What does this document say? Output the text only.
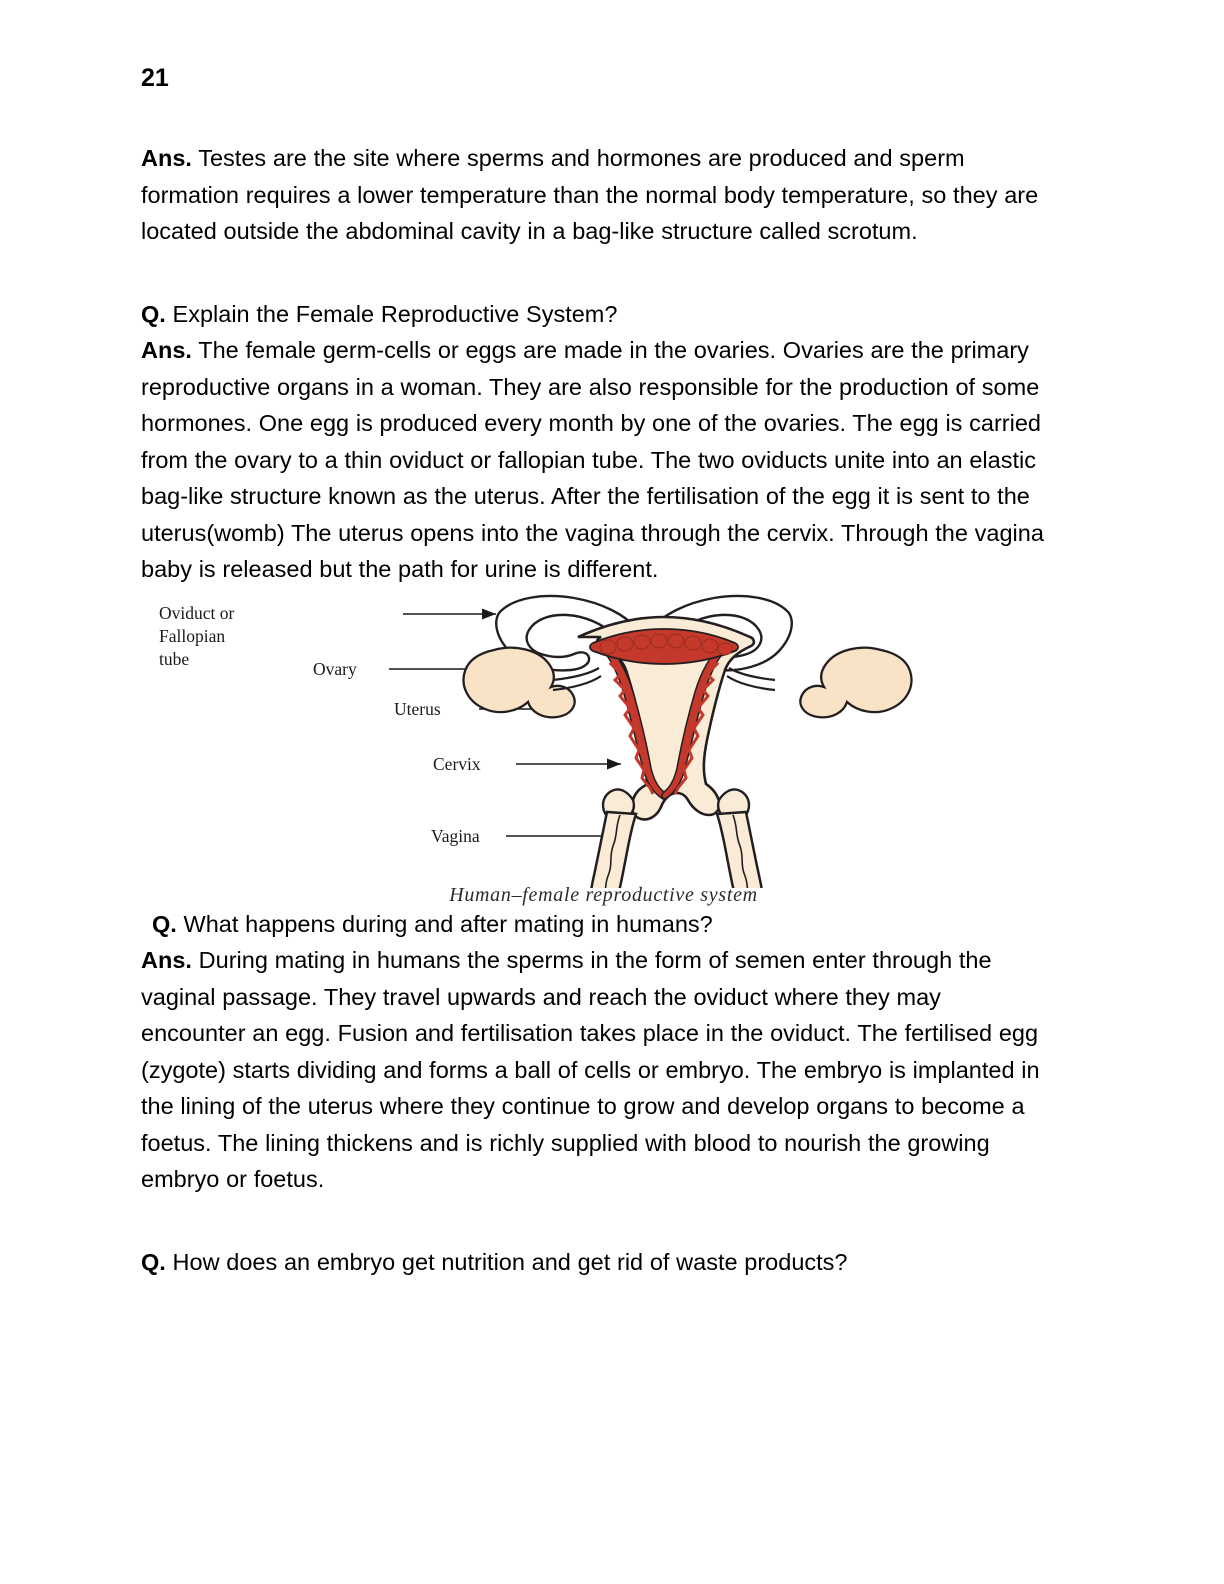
21

Ans. Testes are the site where sperms and hormones are produced and sperm formation requires a lower temperature than the normal body temperature, so they are located outside the abdominal cavity in a bag-like structure called scrotum.

Q. Explain the Female Reproductive System?

Ans. The female germ-cells or eggs are made in the ovaries. Ovaries are the primary reproductive organs in a woman. They are also responsible for the production of some hormones. One egg is produced every month by one of the ovaries. The egg is carried from the ovary to a thin oviduct or fallopian tube. The two oviducts unite into an elastic bag-like structure known as the uterus. After the fertilisation of the egg it is sent to the uterus(womb) The uterus opens into the vagina through the cervix. Through the vagina baby is released but the path for urine is different.

Oviduct or
Fallopian
tube	Ovary
Uterus
Cervix
Vagina
Human–female reproductive system

Q. What happens during and after mating in humans?

Ans. During mating in humans the sperms in the form of semen enter through the vaginal passage. They travel upwards and reach the oviduct where they may

encounter an egg. Fusion and fertilisation takes place in the oviduct. The fertilised egg (zygote) starts dividing and forms a ball of cells or embryo. The embryo is implanted in the lining of the uterus where they continue to grow and develop organs to become a foetus. The lining thickens and is richly supplied with blood to nourish the growing embryo or foetus.

Q. How does an embryo get nutrition and get rid of waste products?
